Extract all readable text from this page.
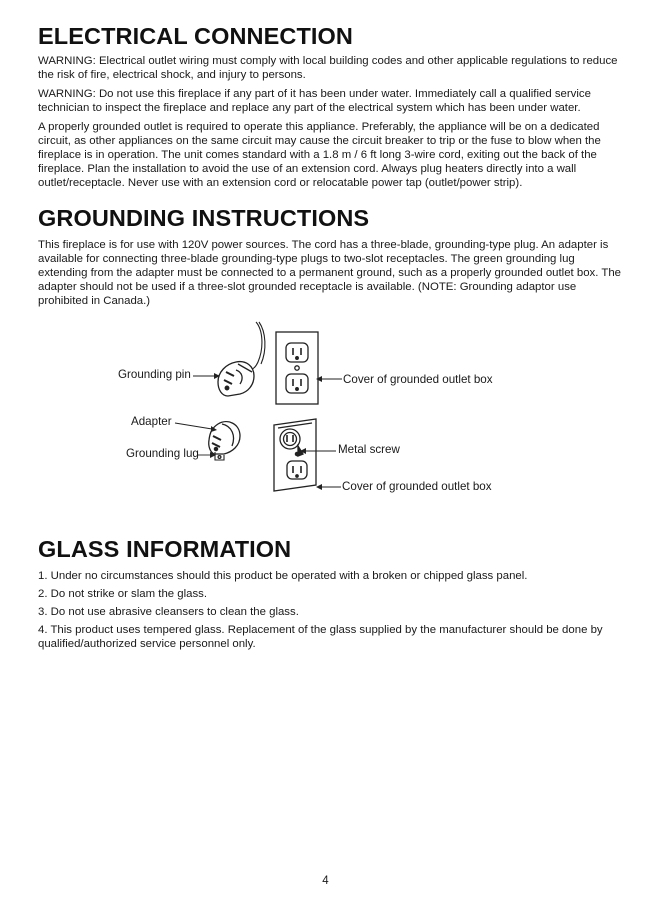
ELECTRICAL CONNECTION

WARNING: Electrical outlet wiring must comply with local building codes and other applicable regulations to reduce the risk of fire, electrical shock, and injury to persons.

WARNING: Do not use this fireplace if any part of it has been under water. Immediately call a qualified service technician to inspect the fireplace and replace any part of the electrical system which has been under water.

A properly grounded outlet is required to operate this appliance. Preferably, the appliance will be on a dedicated circuit, as other appliances on the same circuit may cause the circuit breaker to trip or the fuse to blow when the fireplace is in operation. The unit comes standard with a 1.8 m / 6 ft long 3-wire cord, exiting out the back of the fireplace. Plan the installation to avoid the use of an extension cord. Always plug heaters directly into a wall outlet/receptacle. Never use with an extension cord or relocatable power tap (outlet/power strip).

GROUNDING INSTRUCTIONS

This fireplace is for use with 120V power sources. The cord has a three-blade, grounding-type plug. An adapter is available for connecting three-blade grounding-type plugs to two-slot receptacles. The green grounding lug extending from the adapter must be connected to a permanent ground, such as a properly grounded outlet box. The adapter should not be used if a three-slot grounded receptacle is available. (NOTE: Grounding adaptor use prohibited in Canada.)

GLASS INFORMATION
1. Under no circumstances should this product be operated with a broken or chipped glass panel.
2. Do not strike or slam the glass.
3. Do not use abrasive cleansers to clean the glass.
4. This product uses tempered glass. Replacement of the glass supplied by the manufacturer should be done by qualified/authorized service personnel only.
Grounding pin	Cover of grounded outlet box
Adapter
Grounding lug	Metal screw
Cover of grounded outlet box
4
